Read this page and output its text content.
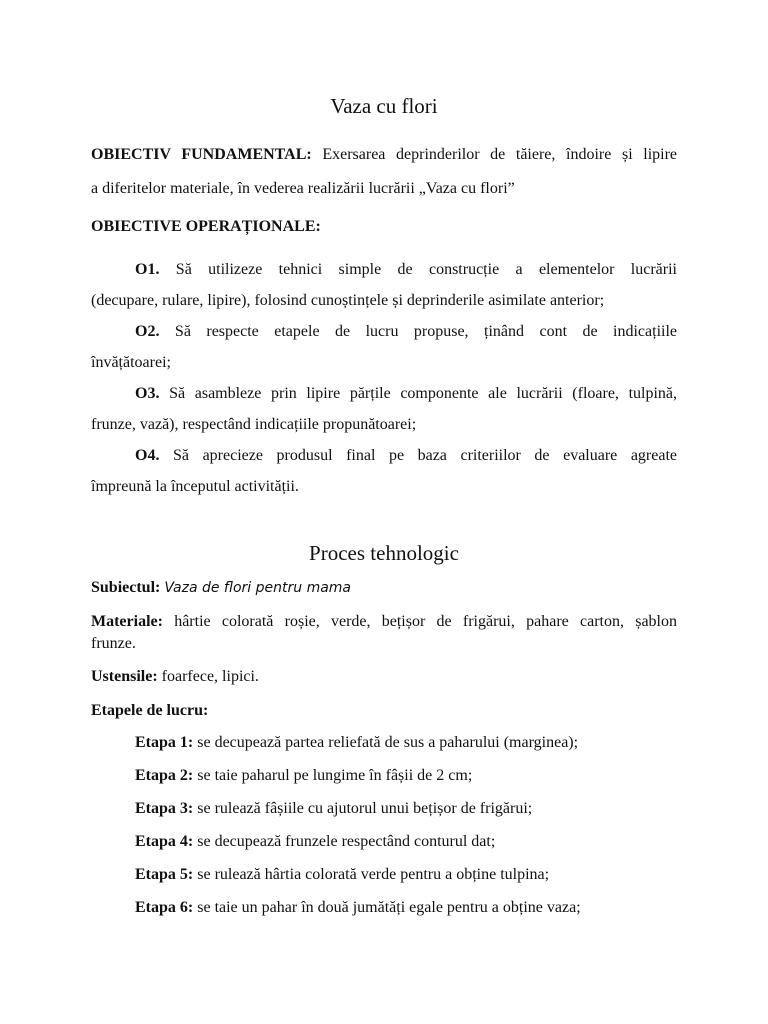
Vaza cu flori

OBIECTIV FUNDAMENTAL: Exersarea deprinderilor de tăiere, îndoire și lipire

a diferitelor materiale, în vederea realizării lucrării „Vaza cu flori”

OBIECTIVE OPERAȚIONALE:

O1. Să utilizeze tehnici simple de construcție a elementelor lucrării

(decupare, rulare, lipire), folosind cunoștințele și deprinderile asimilate anterior;

O2. Să respecte etapele de lucru propuse, ținând cont de indicațiile

învățătoarei;

O3. Să asambleze prin lipire părțile componente ale lucrării (floare, tulpină,

frunze, vază), respectând indicațiile propunătoarei;

O4. Să aprecieze produsul final pe baza criteriilor de evaluare agreate

împreună la începutul activității.

Proces tehnologic

Subiectul: Vaza de flori pentru mama

Materiale: hârtie colorată roșie, verde, bețișor de frigărui, pahare carton, șablon

frunze.

Ustensile: foarfece, lipici.

Etapele de lucru:

Etapa 1: se decupează partea reliefată de sus a paharului (marginea);

Etapa 2: se taie paharul pe lungime în fâșii de 2 cm;

Etapa 3: se rulează fâșiile cu ajutorul unui bețișor de frigărui;

Etapa 4: se decupează frunzele respectând conturul dat;

Etapa 5: se rulează hârtia colorată verde pentru a obține tulpina;

Etapa 6: se taie un pahar în două jumătăți egale pentru a obține vaza;
